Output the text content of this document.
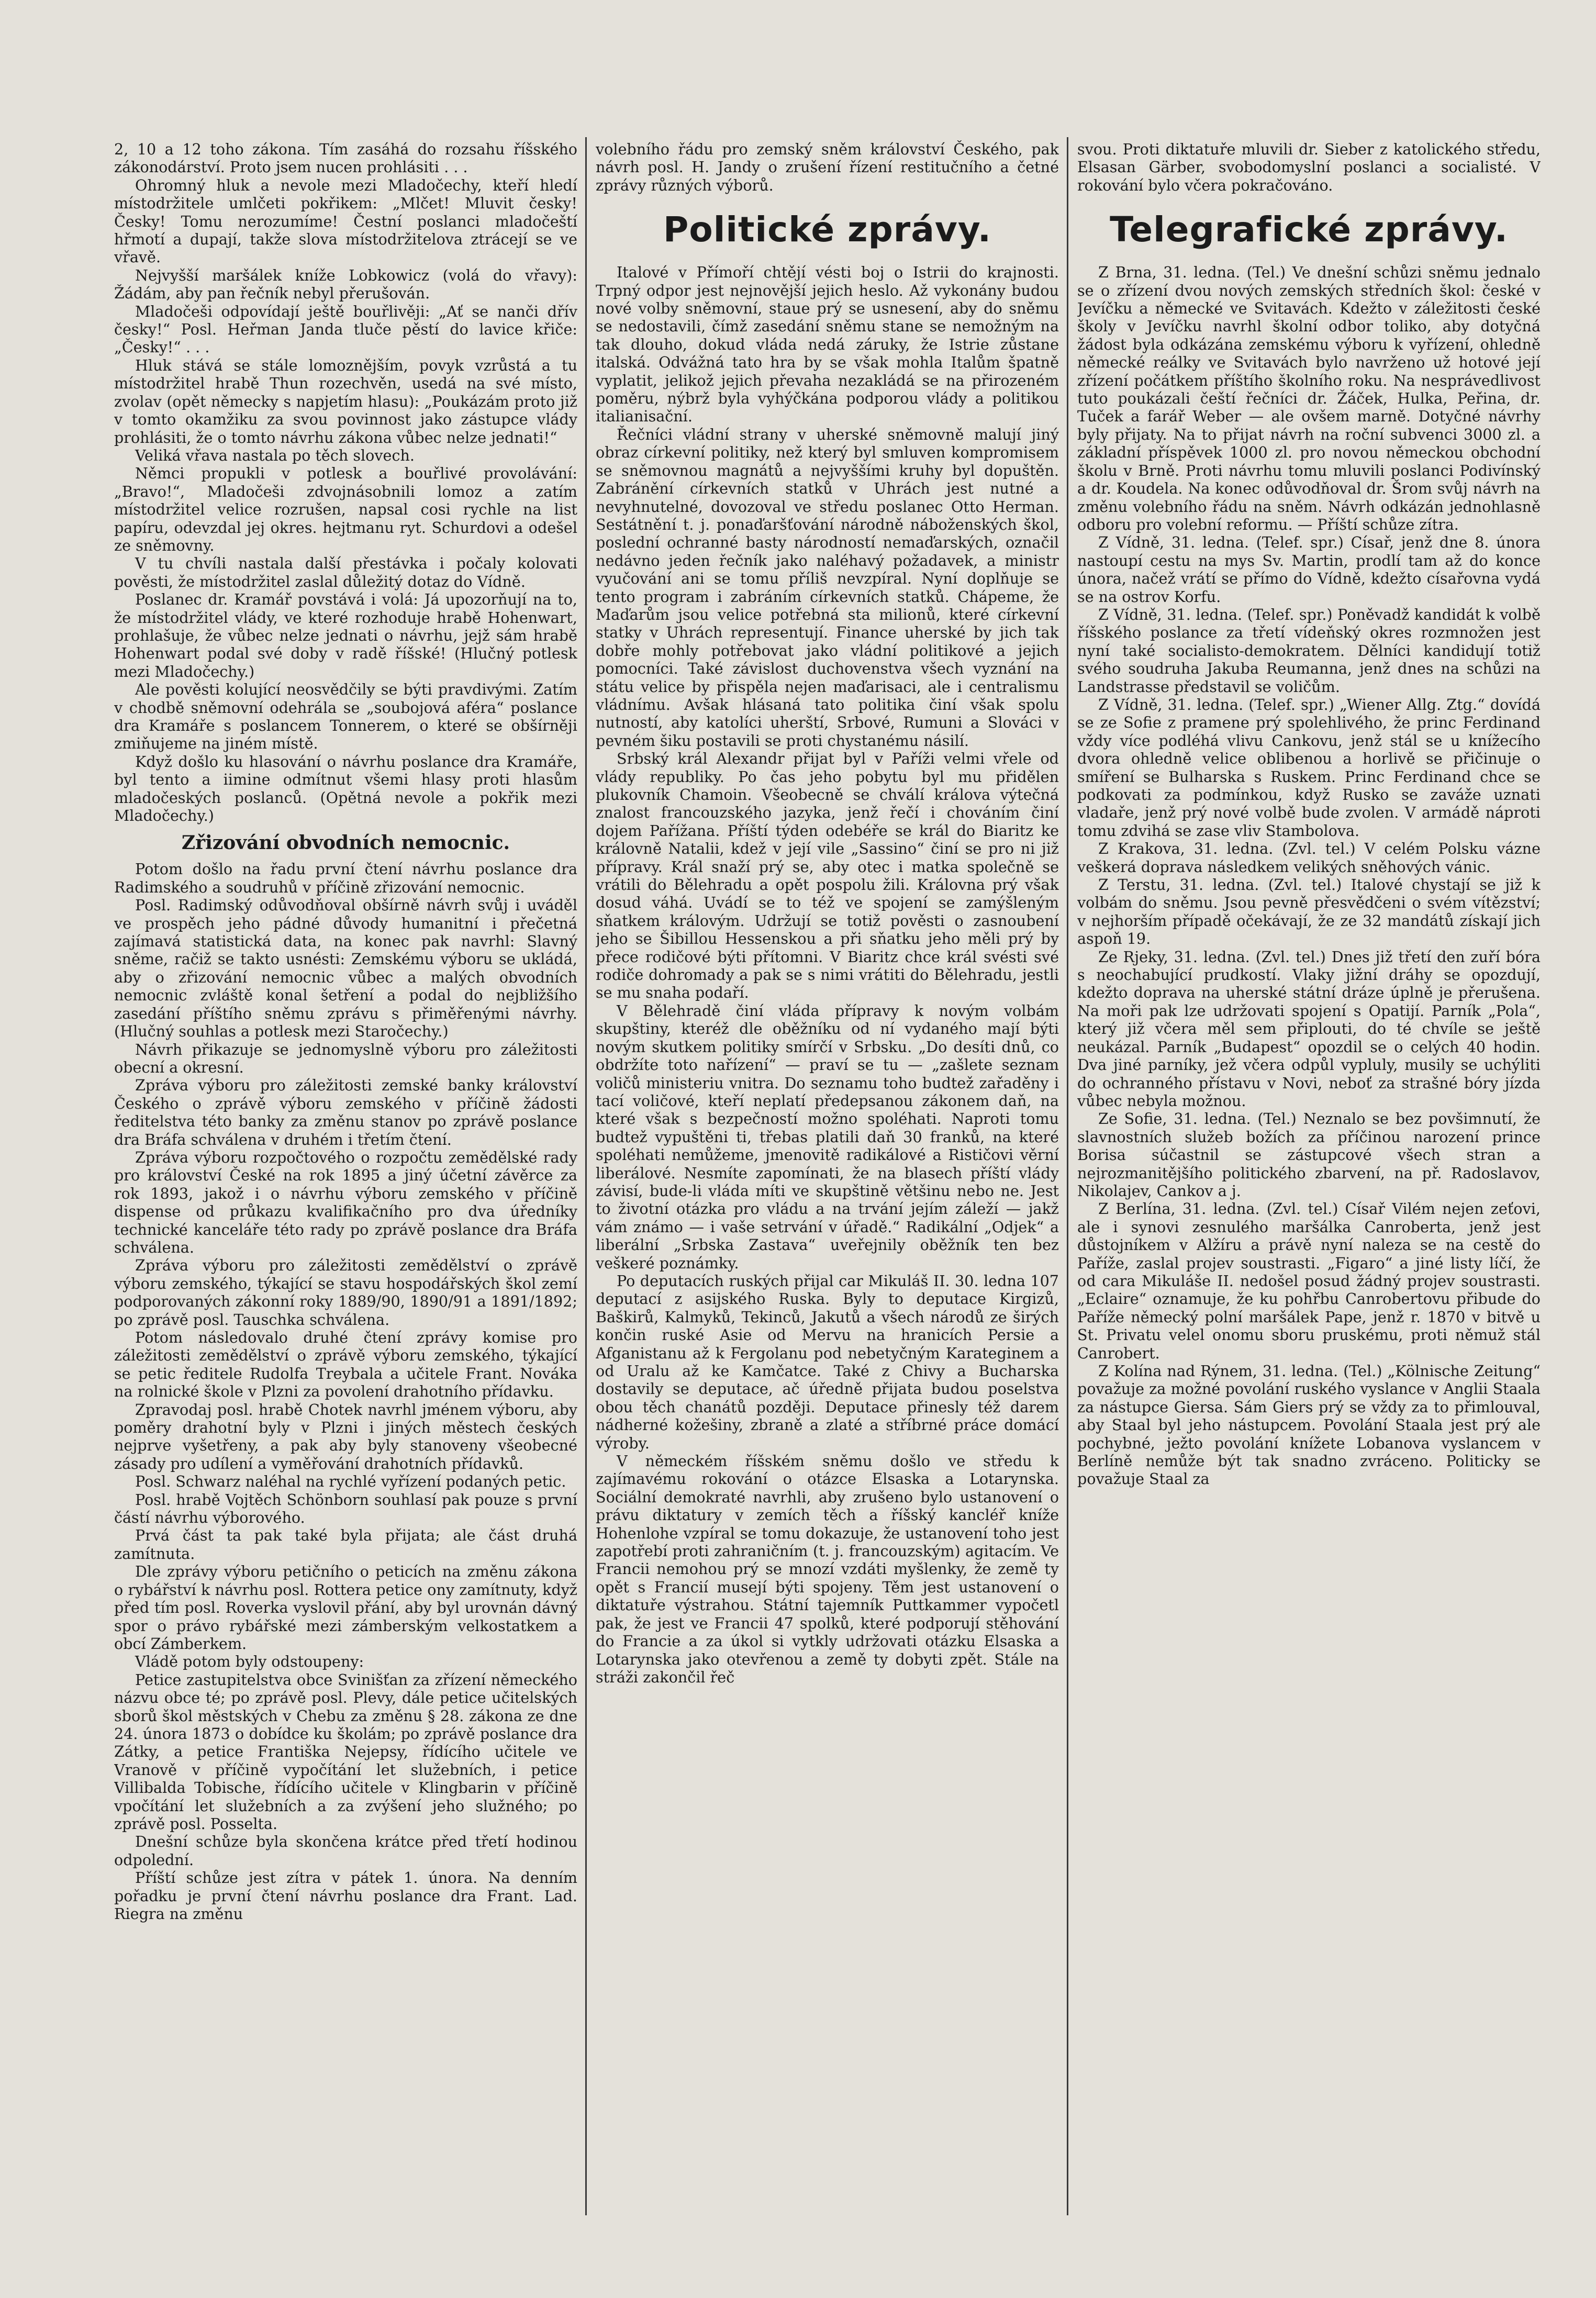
2, 10 a 12 toho zákona. Tím zasáhá do rozsahu říšského zákonodárství. Proto jsem nucen prohlásiti . . .

Ohromný hluk a nevole mezi Mladočechy, kteří hledí místodržitele umlčeti pokřikem: „Mlčet! Mluvit česky! Česky! Tomu nerozumíme! Čestní poslanci mladočeští hřmotí a dupají, takže slova místodržitelova ztrácejí se ve vřavě.

Nejvyšší maršálek kníže Lobkowicz (volá do vřavy): Žádám, aby pan řečník nebyl přerušován.

Mladočeši odpovídají ještě bouřlivěji: „Ať se nanči dřív česky!“ Posl. Heřman Janda tluče pěstí do lavice křiče: „Česky!“ . . .

Hluk stává se stále lomoznějším, povyk vzrůstá a tu místodržitel hrabě Thun rozechvěn, usedá na své místo, zvolav (opět německy s napjetím hlasu): „Poukázám proto již v tomto okamžiku za svou povinnost jako zástupce vlády prohlásiti, že o tomto návrhu zákona vůbec nelze jednati!“

Veliká vřava nastala po těch slovech.

Němci propukli v potlesk a bouřlivé provolávání: „Bravo!“, Mladočeši zdvojnásobnili lomoz a zatím místodržitel velice rozrušen, napsal cosi rychle na list papíru, odevzdal jej okres. hejtmanu ryt. Schurdovi a odešel ze sněmovny.

V tu chvíli nastala další přestávka i počaly kolovati pověsti, že místodržitel zaslal důležitý dotaz do Vídně.

Poslanec dr. Kramář povstává i volá: Já upozorňují na to, že místodržitel vlády, ve které rozhoduje hrabě Hohenwart, prohlašuje, že vůbec nelze jednati o návrhu, jejž sám hrabě Hohenwart podal své doby v radě říšské! (Hlučný potlesk mezi Mladočechy.)

Ale pověsti kolující neosvědčily se býti pravdivými. Zatím v chodbě sněmovní odehrála se „soubojová aféra“ poslance dra Kramáře s poslancem Tonnerem, o které se obšírněji zmiňujeme na jiném místě.

Když došlo ku hlasování o návrhu poslance dra Kramáře, byl tento a iimine odmítnut všemi hlasy proti hlasům mladočeských poslanců. (Opětná nevole a pokřik mezi Mladočechy.)

Zřizování obvodních nemocnic.

Potom došlo na řadu první čtení návrhu poslance dra Radimského a soudruhů v příčině zřizování nemocnic.

Posl. Radimský odůvodňoval obšírně návrh svůj i uváděl ve prospěch jeho pádné důvody humanitní i přečetná zajímavá statistická data, na konec pak navrhl: Slavný sněme, račiž se takto usnésti: Zemskému výboru se ukládá, aby o zřizování nemocnic vůbec a malých obvodních nemocnic zvláště konal šetření a podal do nejbližšího zasedání příštího sněmu zprávu s přiměřenými návrhy. (Hlučný souhlas a potlesk mezi Staročechy.)

Návrh přikazuje se jednomyslně výboru pro záležitosti obecní a okresní.

Zpráva výboru pro záležitosti zemské banky království Českého o zprávě výboru zemského v příčině žádosti ředitelstva této banky za změnu stanov po zprávě poslance dra Bráfa schválena v druhém i třetím čtení.

Zpráva výboru rozpočtového o rozpočtu zemědělské rady pro království České na rok 1895 a jiný účetní závěrce za rok 1893, jakož i o návrhu výboru zemského v příčině dispense od průkazu kvalifikačního pro dva úředníky technické kanceláře této rady po zprávě poslance dra Bráfa schválena.

Zpráva výboru pro záležitosti zemědělství o zprávě výboru zemského, týkající se stavu hospodářských škol zemí podporovaných zákonní roky 1889/90, 1890/91 a 1891/1892; po zprávě posl. Tauschka schválena.

Potom následovalo druhé čtení zprávy komise pro záležitosti zemědělství o zprávě výboru zemského, týkající se petic ředitele Rudolfa Treybala a učitele Frant. Nováka na rolnické škole v Plzni za povolení drahotního přídavku.

Zpravodaj posl. hrabě Chotek navrhl jménem výboru, aby poměry drahotní byly v Plzni i jiných městech českých nejprve vyšetřeny, a pak aby byly stanoveny všeobecné zásady pro udílení a vyměřování drahotních přídavků.

Posl. Schwarz naléhal na rychlé vyřízení podaných petic.

Posl. hrabě Vojtěch Schönborn souhlasí pak pouze s první částí návrhu výborového.

Prvá část ta pak také byla přijata; ale část druhá zamítnuta.

Dle zprávy výboru petičního o peticích na změnu zákona o rybářství k návrhu posl. Rottera petice ony zamítnuty, když před tím posl. Roverka vyslovil přání, aby byl urovnán dávný spor o právo rybářské mezi zámberským velkostatkem a obcí Zámberkem.

Vládě potom byly odstoupeny:

Petice zastupitelstva obce Svinišťan za zřízení německého názvu obce té; po zprávě posl. Plevy, dále petice učitelských sborů škol městských v Chebu za změnu § 28. zákona ze dne 24. února 1873 o dobídce ku školám; po zprávě poslance dra Zátky, a petice Františka Nejepsy, řídícího učitele ve Vranově v příčině vypočítání let služebních, i petice Villibalda Tobische, řídícího učitele v Klingbarin v příčině vpočítání let služebních a za zvýšení jeho služného; po zprávě posl. Posselta.

Dnešní schůze byla skončena krátce před třetí hodinou odpolední.

Příští schůze jest zítra v pátek 1. února. Na denním pořadku je první čtení návrhu poslance dra Frant. Lad. Riegra na změnu

volebního řádu pro zemský sněm království Českého, pak návrh posl. H. Jandy o zrušení řízení restitučního a četné zprávy různých výborů.

Politické zprávy.

Italové v Přímoří chtějí vésti boj o Istrii do krajnosti. Trpný odpor jest nejnovější jejich heslo. Až vykonány budou nové volby sněmovní, staue prý se usnesení, aby do sněmu se nedostavili, čímž zasedání sněmu stane se nemožným na tak dlouho, dokud vláda nedá záruky, že Istrie zůstane italská. Odvážná tato hra by se však mohla Italům špatně vyplatit, jelikož jejich převaha nezakládá se na přirozeném poměru, nýbrž byla vyhýčkána podporou vlády a politikou italianisační.

Řečníci vládní strany v uherské sněmovně malují jiný obraz církevní politiky, než který byl smluven kompromisem se sněmovnou magnátů a nejvyššími kruhy byl dopuštěn. Zabránění církevních statků v Uhrách jest nutné a nevyhnutelné, dovozoval ve středu poslanec Otto Herman. Sestátnění t. j. ponaďaršťování národně náboženských škol, poslední ochranné basty národností nemaďarských, označil nedávno jeden řečník jako naléhavý požadavek, a ministr vyučování ani se tomu příliš nevzpíral. Nyní doplňuje se tento program i zabráním církevních statků. Chápeme, že Maďarům jsou velice potřebná sta milionů, které církevní statky v Uhrách representují. Finance uherské by jich tak dobře mohly potřebovat jako vládní politikové a jejich pomocníci. Také závislost duchovenstva všech vyznání na státu velice by přispěla nejen maďarisaci, ale i centralismu vládnímu. Avšak hlásaná tato politika činí však spolu nutností, aby katolíci uherští, Srbové, Rumuni a Slováci v pevném šiku postavili se proti chystanému násilí.

Srbský král Alexandr přijat byl v Paříži velmi vřele od vlády republiky. Po čas jeho pobytu byl mu přidělen plukovník Chamoin. Všeobecně se chválí králova výtečná znalost francouzského jazyka, jenž řečí i chováním činí dojem Pařížana. Příští týden odebéře se král do Biaritz ke královně Natalii, kdež v její vile „Sassino“ činí se pro ni již přípravy. Král snaží prý se, aby otec i matka společně se vrátili do Bělehradu a opět pospolu žili. Královna prý však dosud váhá. Uvádí se to též ve spojení se zamýšleným sňatkem královým. Udržují se totiž pověsti o zasnoubení jeho se Šibillou Hessenskou a při sňatku jeho měli prý by přece rodičové býti přítomni. V Biaritz chce král svésti své rodiče dohromady a pak se s nimi vrátiti do Bělehradu, jestli se mu snaha podaří.

V Bělehradě činí vláda přípravy k novým volbám skupštiny, kteréž dle oběžníku od ní vydaného mají býti novým skutkem politiky smírčí v Srbsku. „Do desíti dnů, co obdržíte toto nařízení“ — praví se tu — „zašlete seznam voličů ministeriu vnitra. Do seznamu toho budtež zařaděny i tací voličové, kteří neplatí předepsanou zákonem daň, na které však s bezpečností možno spoléhati. Naproti tomu budtež vypuštěni ti, třebas platili daň 30 franků, na které spoléhati nemůžeme, jmenovitě radikálové a Rističovi věrní liberálové. Nesmíte zapomínati, že na blasech příští vlády závisí, bude-li vláda míti ve skupštině většinu nebo ne. Jest to životní otázka pro vládu a na trvání jejím záleží — jakž vám známo — i vaše setrvání v úřadě.“ Radikální „Odjek“ a liberální „Srbska Zastava“ uveřejnily oběžník ten bez veškeré poznámky.

Po deputacích ruských přijal car Mikuláš II. 30. ledna 107 deputací z asijského Ruska. Byly to deputace Kirgizů, Baškirů, Kalmyků, Tekinců, Jakutů a všech národů ze širých končin ruské Asie od Mervu na hranicích Persie a Afganistanu až k Fergolanu pod nebetyčným Karateginem a od Uralu až ke Kamčatce. Také z Chivy a Bucharska dostavily se deputace, ač úředně přijata budou poselstva obou těch chanátů později. Deputace přinesly též darem nádherné kožešiny, zbraně a zlaté a stříbrné práce domácí výroby.

V německém říšském sněmu došlo ve středu k zajímavému rokování o otázce Elsaska a Lotarynska. Sociální demokraté navrhli, aby zrušeno bylo ustanovení o právu diktatury v zemích těch a říšský kancléř kníže Hohenlohe vzpíral se tomu dokazuje, že ustanovení toho jest zapotřebí proti zahraničním (t. j. francouzským) agitacím. Ve Francii nemohou prý se mnozí vzdáti myšlenky, že země ty opět s Francií musejí býti spojeny. Těm jest ustanovení o diktatuře výstrahou. Státní tajemník Puttkammer vypočetl pak, že jest ve Francii 47 spolků, které podporují stěhování do Francie a za úkol si vytkly udržovati otázku Elsaska a Lotarynska jako otevřenou a země ty dobyti zpět. Stále na stráži zakončil řeč

svou. Proti diktatuře mluvili dr. Sieber z katolického středu, Elsasan Gärber, svobodomyslní poslanci a socialisté. V rokování bylo včera pokračováno.

Telegrafické zprávy.

Z Brna, 31. ledna. (Tel.) Ve dnešní schůzi sněmu jednalo se o zřízení dvou nových zemských středních škol: české v Jevíčku a německé ve Svitavách. Kdežto v záležitosti české školy v Jevíčku navrhl školní odbor toliko, aby dotyčná žádost byla odkázána zemskému výboru k vyřízení, ohledně německé reálky ve Svitavách bylo navrženo už hotové její zřízení počátkem příštího školního roku. Na nesprávedlivost tuto poukázali čeští řečníci dr. Žáček, Hulka, Peřina, dr. Tuček a farář Weber — ale ovšem marně. Dotyčné návrhy byly přijaty. Na to přijat návrh na roční subvenci 3000 zl. a základní příspěvek 1000 zl. pro novou německou obchodní školu v Brně. Proti návrhu tomu mluvili poslanci Podivínský a dr. Koudela. Na konec odůvodňoval dr. Šrom svůj návrh na změnu volebního řádu na sněm. Návrh odkázán jednohlasně odboru pro volební reformu. — Příští schůze zítra.

Z Vídně, 31. ledna. (Telef. spr.) Císař, jenž dne 8. února nastoupí cestu na mys Sv. Martin, prodlí tam až do konce února, načež vrátí se přímo do Vídně, kdežto císařovna vydá se na ostrov Korfu.

Z Vídně, 31. ledna. (Telef. spr.) Poněvadž kandidát k volbě říšského poslance za třetí vídeňský okres rozmnožen jest nyní také socialisto-demokratem. Dělníci kandidují totiž svého soudruha Jakuba Reumanna, jenž dnes na schůzi na Landstrasse představil se voličům.

Z Vídně, 31. ledna. (Telef. spr.) „Wiener Allg. Ztg.“ dovídá se ze Sofie z pramene prý spolehlivého, že princ Ferdinand vždy více podléhá vlivu Cankovu, jenž stál se u knížecího dvora ohledně velice oblibenou a horlivě se přičinuje o smíření se Bulharska s Ruskem. Princ Ferdinand chce se podkovati za podmínkou, když Rusko se zaváže uznati vladaře, jenž prý nové volbě bude zvolen. V armádě náproti tomu zdvihá se zase vliv Stambolova.

Z Krakova, 31. ledna. (Zvl. tel.) V celém Polsku vázne veškerá doprava následkem velikých sněhových vánic.

Z Terstu, 31. ledna. (Zvl. tel.) Italové chystají se již k volbám do sněmu. Jsou pevně přesvědčeni o svém vítězství; v nejhorším případě očekávají, že ze 32 mandátů získají jich aspoň 19.

Ze Rjeky, 31. ledna. (Zvl. tel.) Dnes již třetí den zuří bóra s neochabující prudkostí. Vlaky jižní dráhy se opozdují, kdežto doprava na uherské státní dráze úplně je přerušena. Na moři pak lze udržovati spojení s Opatijí. Parník „Pola“, který již včera měl sem připlouti, do té chvíle se ještě neukázal. Parník „Budapest“ opozdil se o celých 40 hodin. Dva jiné parníky, jež včera odpůl vypluly, musily se uchýliti do ochranného přístavu v Novi, neboť za strašné bóry jízda vůbec nebyla možnou.

Ze Sofie, 31. ledna. (Tel.) Neznalo se bez povšimnutí, že slavnostních služeb božích za příčinou narození prince Borisa súčastnil se zástupcové všech stran a nejrozmanitějšího politického zbarvení, na př. Radoslavov, Nikolajev, Cankov a j.

Z Berlína, 31. ledna. (Zvl. tel.) Císař Vilém nejen zeťovi, ale i synovi zesnulého maršálka Canroberta, jenž jest důstojníkem v Alžíru a právě nyní naleza se na cestě do Paříže, zaslal projev soustrasti. „Figaro“ a jiné listy líčí, že od cara Mikuláše II. nedošel posud žádný projev soustrasti. „Eclaire“ oznamuje, že ku pohřbu Canrobertovu přibude do Paříže německý polní maršálek Pape, jenž r. 1870 v bitvě u St. Privatu velel onomu sboru pruskému, proti němuž stál Canrobert.

Z Kolína nad Rýnem, 31. ledna. (Tel.) „Kölnische Zeitung“ považuje za možné povolání ruského vyslance v Anglii Staala za nástupce Giersa. Sám Giers prý se vždy za to přimlouval, aby Staal byl jeho nástupcem. Povolání Staala jest prý ale pochybné, ježto povolání knížete Lobanova vyslancem v Berlíně nemůže být tak snadno zvráceno. Politicky se považuje Staal za
